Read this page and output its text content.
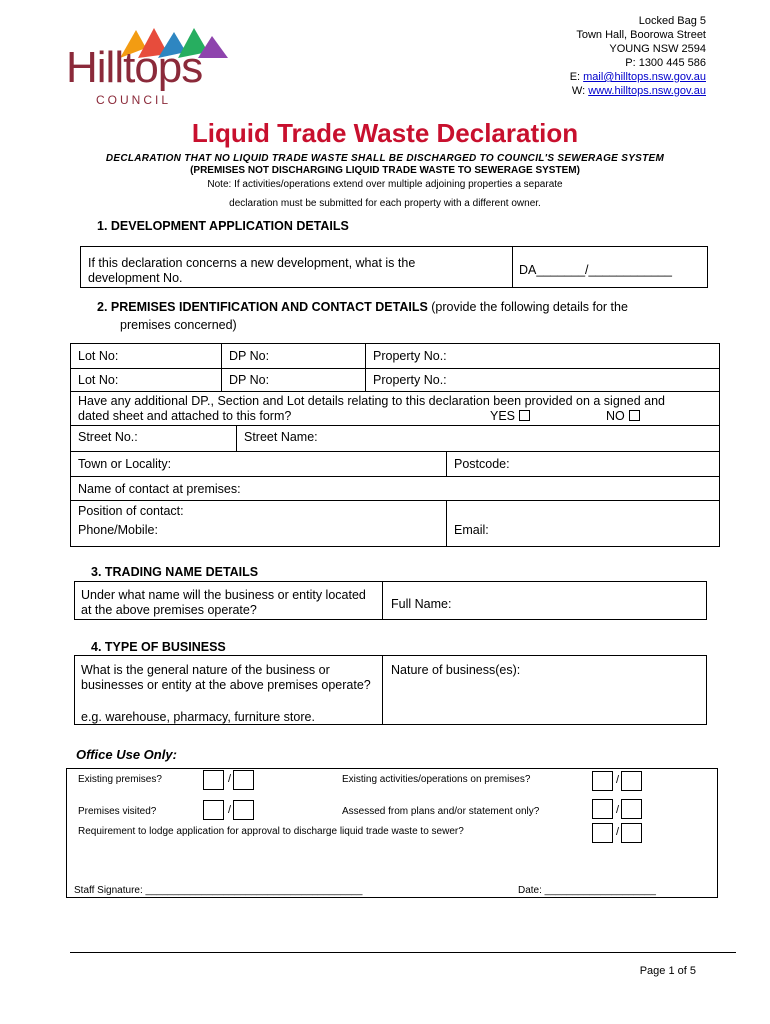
Hilltops
COUNCIL
Locked Bag 5
Town Hall, Boorowa Street
YOUNG NSW 2594
P: 1300 445 586
E: mail@hilltops.nsw.gov.au
W: www.hilltops.nsw.gov.au
Liquid Trade Waste Declaration
DECLARATION THAT NO LIQUID TRADE WASTE SHALL BE DISCHARGED TO COUNCIL'S SEWERAGE SYSTEM
(PREMISES NOT DISCHARGING LIQUID TRADE WASTE TO SEWERAGE SYSTEM)
Note: If activities/operations extend over multiple adjoining properties a separate
declaration must be submitted for each property with a different owner.
1. DEVELOPMENT APPLICATION DETAILS
If this declaration concerns a new development, what is the development No.
DA_______/____________
2. PREMISES IDENTIFICATION AND CONTACT DETAILS (provide the following details for the
premises concerned)
Lot No:	DP No:	Property No.:
Lot No:	DP No:	Property No.:
Have any additional DP., Section and Lot details relating to this declaration been provided on a signed and dated sheet and attached to this form?	YES	NO
Street No.:	Street Name:
Town or Locality:	Postcode:
Name of contact at premises:
Position of contact:
Phone/Mobile:	Email:
3. TRADING NAME DETAILS
Under what name will the business or entity located at the above premises operate?	Full Name:
4. TYPE OF BUSINESS
What is the general nature of the business or businesses or entity at the above premises operate?
e.g. warehouse, pharmacy, furniture store.
Nature of business(es):
Office Use Only:
Existing premises?	/	Existing activities/operations on premises?	/
Premises visited?	/	Assessed from plans and/or statement only?	/
Requirement to lodge application for approval to discharge liquid trade waste to sewer?	/
Staff Signature: _______________________________________	Date: ____________________
Page 1 of 5
